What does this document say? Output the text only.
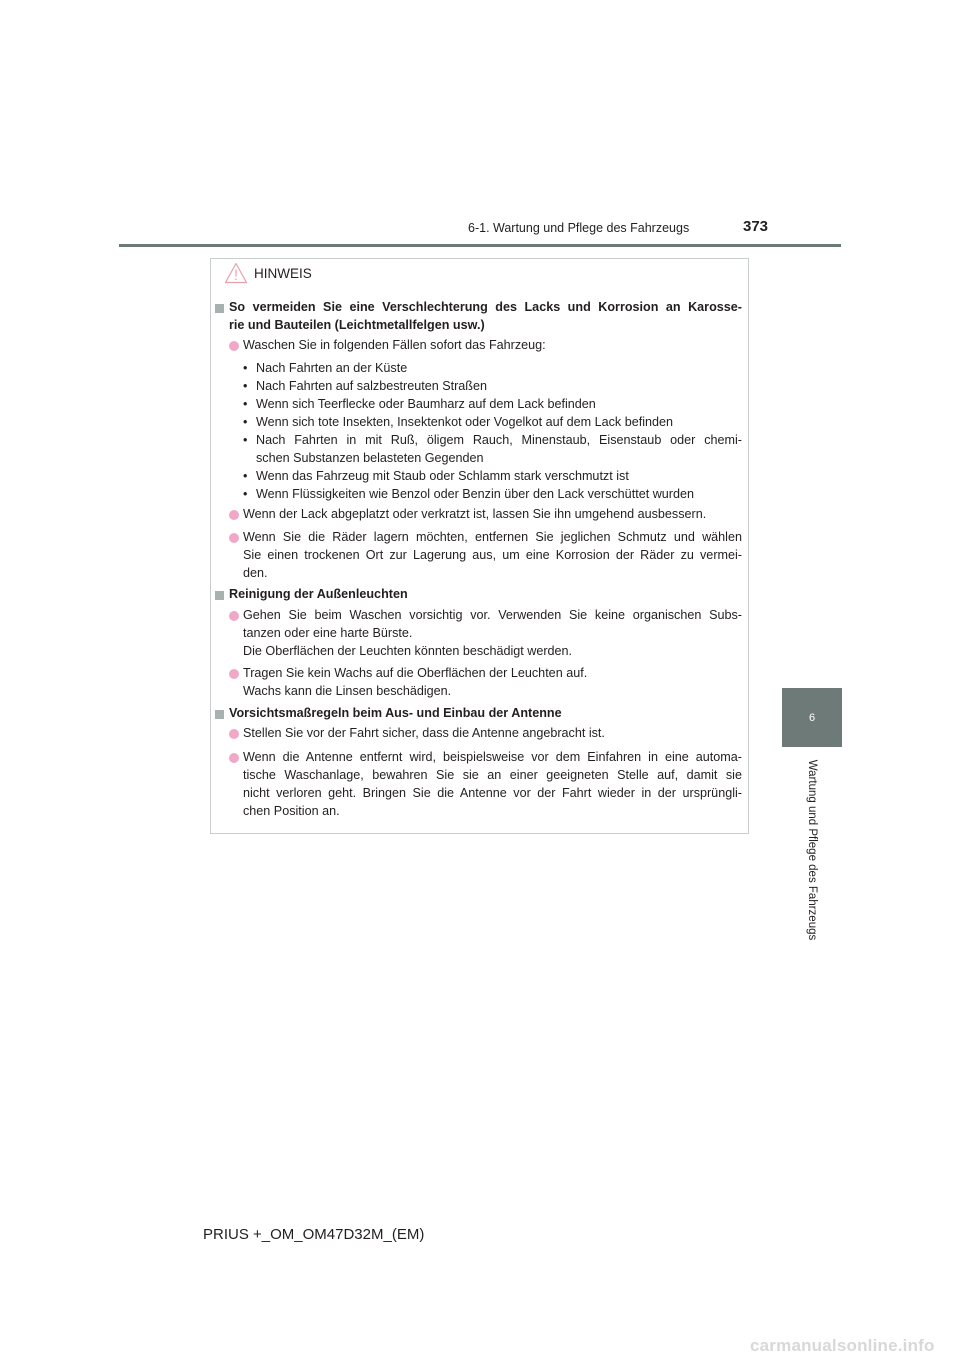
6-1. Wartung und Pflege des Fahrzeugs	373
6
Wartung und Pflege des Fahrzeugs
HINWEIS
So vermeiden Sie eine Verschlechterung des Lacks und Korrosion an Karosse-
rie und Bauteilen (Leichtmetallfelgen usw.)
Waschen Sie in folgenden Fällen sofort das Fahrzeug:
• Nach Fahrten an der Küste
• Nach Fahrten auf salzbestreuten Straßen
• Wenn sich Teerflecke oder Baumharz auf dem Lack befinden
• Wenn sich tote Insekten, Insektenkot oder Vogelkot auf dem Lack befinden
• Nach Fahrten in mit Ruß, öligem Rauch, Minenstaub, Eisenstaub oder chemi-
schen Substanzen belasteten Gegenden
• Wenn das Fahrzeug mit Staub oder Schlamm stark verschmutzt ist
• Wenn Flüssigkeiten wie Benzol oder Benzin über den Lack verschüttet wurden
Wenn der Lack abgeplatzt oder verkratzt ist, lassen Sie ihn umgehend ausbessern.
Wenn Sie die Räder lagern möchten, entfernen Sie jeglichen Schmutz und wählen
Sie einen trockenen Ort zur Lagerung aus, um eine Korrosion der Räder zu vermei-
den.
Reinigung der Außenleuchten
Gehen Sie beim Waschen vorsichtig vor. Verwenden Sie keine organischen Subs-
tanzen oder eine harte Bürste.
Die Oberflächen der Leuchten könnten beschädigt werden.
Tragen Sie kein Wachs auf die Oberflächen der Leuchten auf.
Wachs kann die Linsen beschädigen.
Vorsichtsmaßregeln beim Aus- und Einbau der Antenne
Stellen Sie vor der Fahrt sicher, dass die Antenne angebracht ist.
Wenn die Antenne entfernt wird, beispielsweise vor dem Einfahren in eine automa-
tische Waschanlage, bewahren Sie sie an einer geeigneten Stelle auf, damit sie
nicht verloren geht. Bringen Sie die Antenne vor der Fahrt wieder in der ursprüngli-
chen Position an.
PRIUS +_OM_OM47D32M_(EM)
carmanualsonline.info
